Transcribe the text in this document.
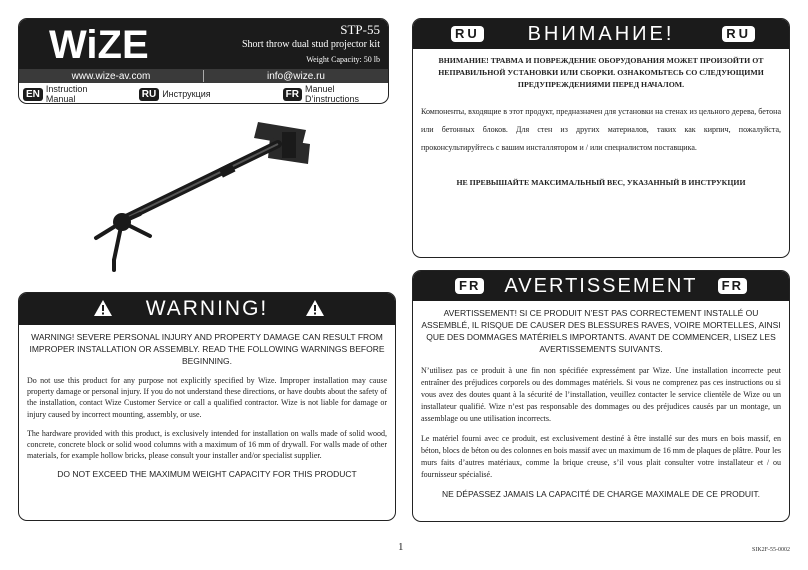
WiZE	STP-55
Short throw dual stud projector kit
Weight Capacity: 50 lb
www.wize-av.com	info@wize.ru
EN Instruction Manual	RU Инструкция	FR Manuel D’instructions
WARNING!

WARNING! SEVERE PERSONAL INJURY AND PROPERTY DAMAGE CAN RESULT FROM IMPROPER INSTALLATION OR ASSEMBLY. READ THE FOLLOWING WARNINGS BEFORE BEGINNING.

Do not use this product for any purpose not explicitly specified by Wize. Improper installation may cause property damage or personal injury. If you do not understand these directions, or have doubts about the safety of the installation, contact Wize Customer Service or call a qualified contractor. Wize is not liable for damage or injury caused by incorrect mounting, assembly, or use.

The hardware provided with this product, is exclusively intended for installation on walls made of solid wood, concrete, concrete block or solid wood columns with a maximum of 16 mm of drywall. For walls made of other materials, for example hollow bricks, please consult your installer and/or specialist supplier.

DO NOT EXCEED THE MAXIMUM WEIGHT CAPACITY FOR THIS PRODUCT

RU ВНИМАНИЕ!	RU

ВНИМАНИЕ! ТРАВМА И ПОВРЕЖДЕНИЕ ОБОРУДОВАНИЯ МОЖЕТ ПРОИЗОЙТИ ОТ НЕПРАВИЛЬНОЙ УСТАНОВКИ ИЛИ СБОРКИ. ОЗНАКОМЬТЕСЬ СО СЛЕДУЮЩИМИ ПРЕДУПРЕЖДЕНИЯМИ ПЕРЕД НАЧАЛОМ.

Компоненты, входящие в этот продукт, предназначен для установки на стенах из цельного дерева, бетона или бетонных блоков. Для стен из других материалов, таких как кирпич, пожалуйста, проконсультируйтесь с вашим инсталлятором и / или специалистом поставщика.

НЕ ПРЕВЫШАЙТЕ МАКСИМАЛЬНЫЙ ВЕС, УКАЗАННЫЙ В ИНСТРУКЦИИ

FR AVERTISSEMENT	FR

AVERTISSEMENT! SI CE PRODUIT N’EST PAS CORRECTEMENT INSTALLÉ OU ASSEMBLÉ, IL RISQUE DE CAUSER DES BLESSURES RAVES, VOIRE MORTELLES, AINSI QUE DES DOMMAGES MATÉRIELS IMPORTANTS. AVANT DE COMMENCER, LISEZ LES AVERTISSEMENTS SUIVANTS.

N’utilisez pas ce produit à une fin non spécifiée expressément par Wize. Une installation incorrecte peut entraîner des préjudices corporels ou des dommages matériels. Si vous ne comprenez pas ces instructions ou si vous avez des doutes quant à la sécurité de l’installation, veuillez contacter le service clientèle de Wize ou un installateur qualifié. Wize n’est pas responsable des dommages ou des préjudices causés par un montage, un assemblage ou une utilisation incorrects.

Le matériel fourni avec ce produit, est exclusivement destiné à être installé sur des murs en bois massif, en béton, blocs de béton ou des colonnes en bois massif avec un maximum de 16 mm de plaques de plâtre. Pour les murs faits d’autres matériaux, comme la brique creuse, s’il vous plait consulter votre installateur et / ou fournisseur spécialisé.

NE DÉPASSEZ JAMAIS LA CAPACITÉ DE CHARGE MAXIMALE DE CE PRODUIT.

1	SIK2F-55-0002
